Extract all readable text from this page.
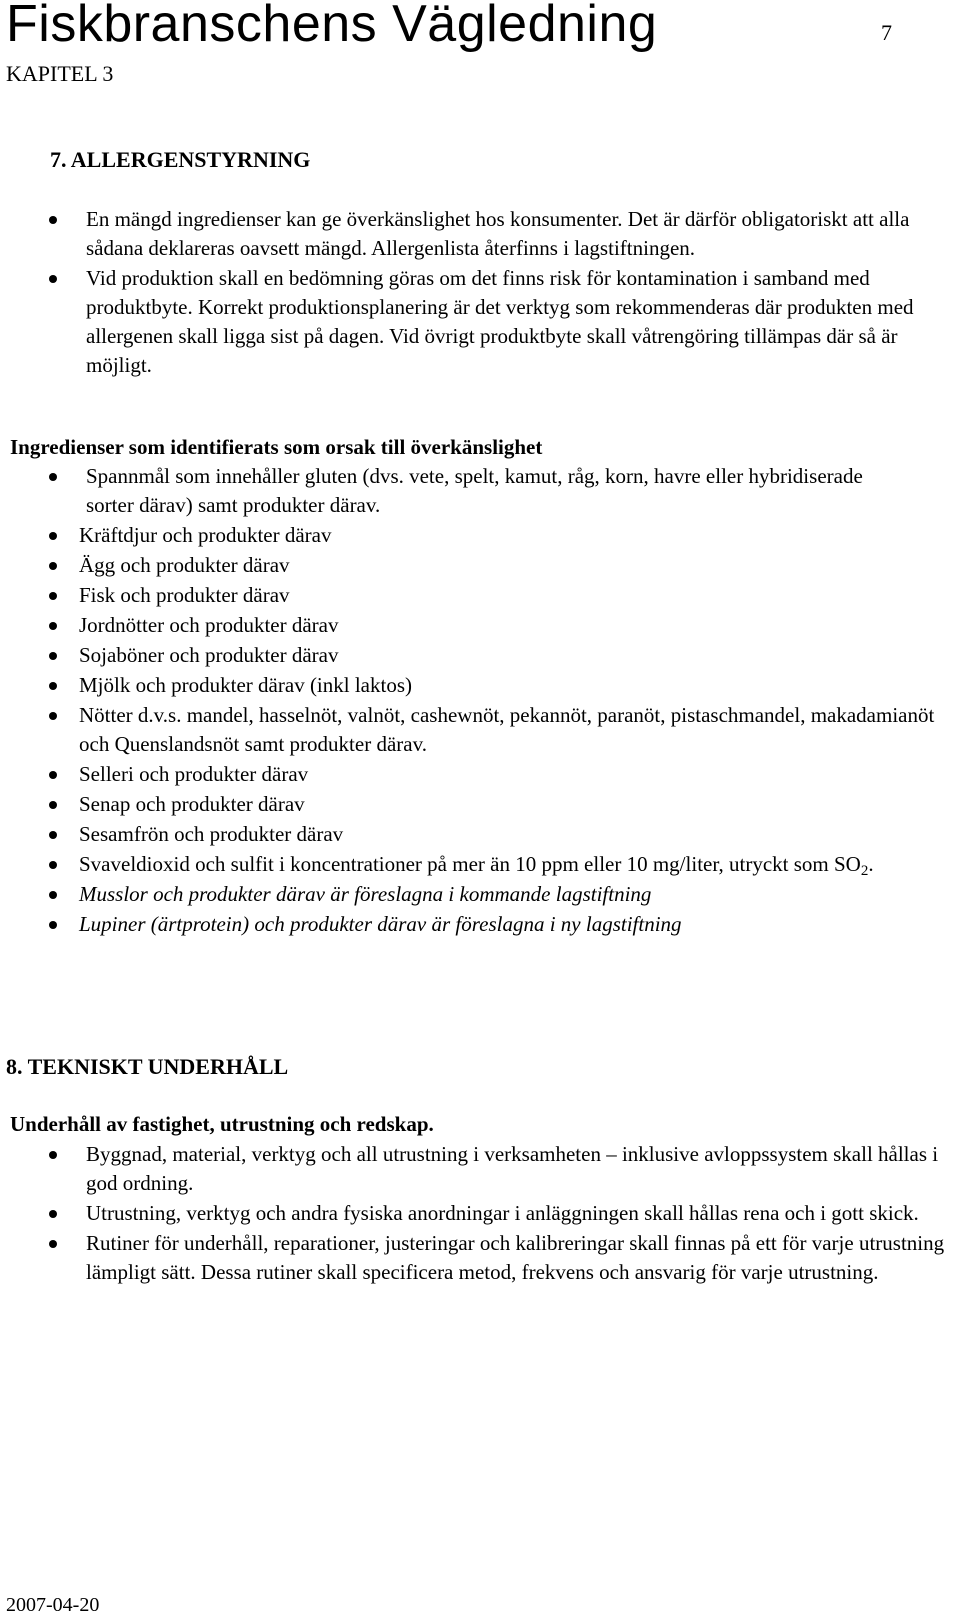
Fiskbranschens Vägledning	7
KAPITEL 3
7. ALLERGENSTYRNING
En mängd ingredienser kan ge överkänslighet hos konsumenter. Det är därför obligatoriskt att alla sådana deklareras oavsett mängd. Allergenlista återfinns i lagstiftningen.
Vid produktion skall en bedömning göras om det finns risk för kontamination i samband med produktbyte. Korrekt produktionsplanering är det verktyg som rekommenderas där produkten med allergenen skall ligga sist på dagen. Vid övrigt produktbyte skall våtrengöring tillämpas där så är möjligt.
Ingredienser som identifierats som orsak till överkänslighet
Spannmål som innehåller gluten (dvs. vete, spelt, kamut, råg, korn, havre eller hybridiserade sorter därav) samt produkter därav.
Kräftdjur och produkter därav
Ägg och produkter därav
Fisk och produkter därav
Jordnötter och produkter därav
Sojaböner och produkter därav
Mjölk och produkter därav (inkl laktos)
Nötter d.v.s. mandel, hasselnöt, valnöt, cashewnöt, pekannöt, paranöt, pistaschmandel, makadamianöt och Quenslandsnöt samt produkter därav.
Selleri och produkter därav
Senap och produkter därav
Sesamfrön och produkter därav
Svaveldioxid och sulfit i koncentrationer på mer än 10 ppm eller 10 mg/liter, utryckt som $SO_2$.
Musslor och produkter därav är föreslagna i kommande lagstiftning
Lupiner (ärtprotein) och produkter därav är föreslagna i ny lagstiftning
8. TEKNISKT UNDERHÅLL
Underhåll av fastighet, utrustning och redskap.
Byggnad, material, verktyg och all utrustning i verksamheten – inklusive avloppssystem skall hållas i god ordning.
Utrustning, verktyg och andra fysiska anordningar i anläggningen skall hållas rena och i gott skick.
Rutiner för underhåll, reparationer, justeringar och kalibreringar skall finnas på ett för varje utrustning lämpligt sätt. Dessa rutiner skall specificera metod, frekvens och ansvarig för varje utrustning.
2007-04-20
